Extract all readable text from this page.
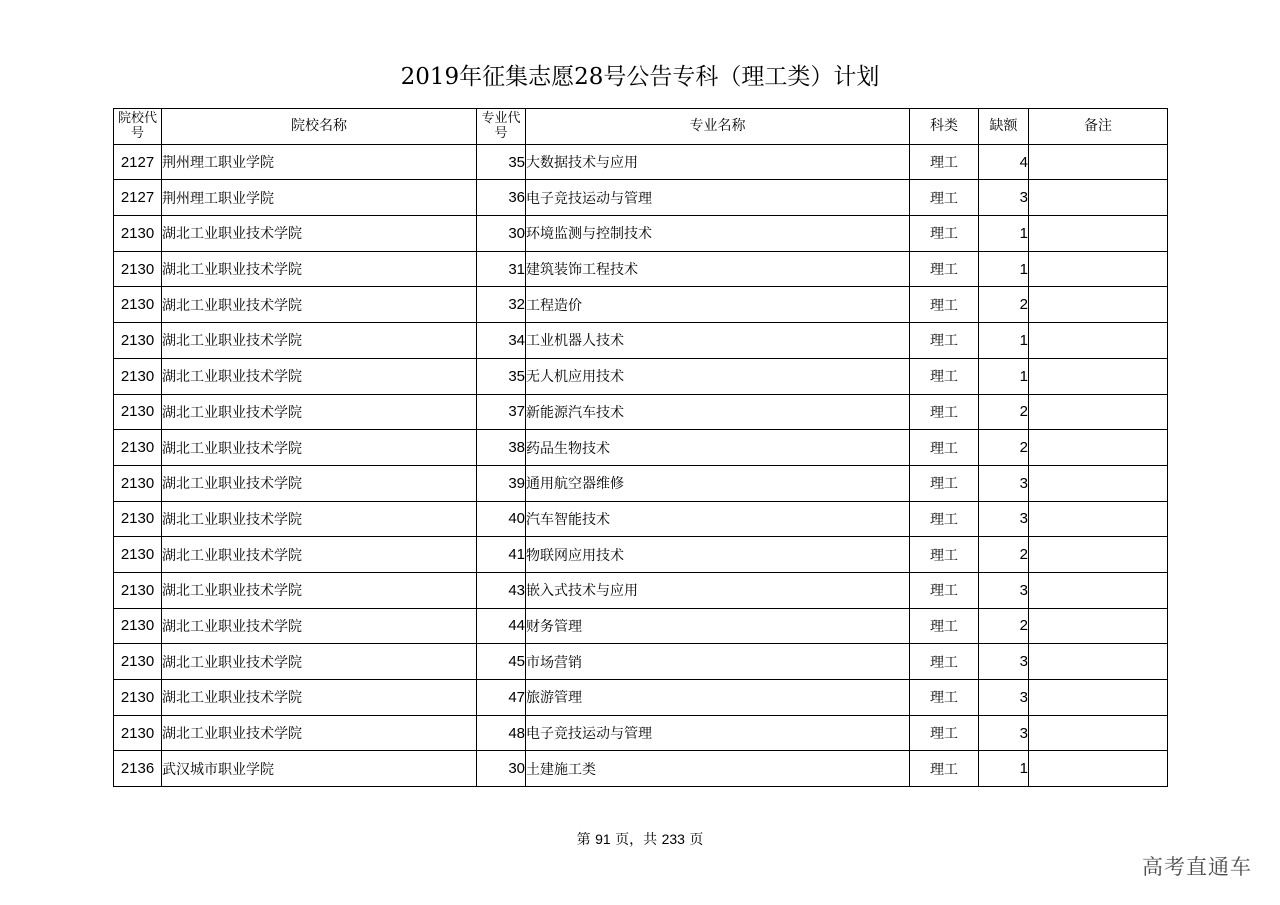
2019年征集志愿28号公告专科（理工类）计划
院校代号	院校名称	专业代号	专业名称	科类	缺额	备注
2127	荆州理工职业学院	35	大数据技术与应用	理工	4	
2127	荆州理工职业学院	36	电子竞技运动与管理	理工	3	
2130	湖北工业职业技术学院	30	环境监测与控制技术	理工	1	
2130	湖北工业职业技术学院	31	建筑装饰工程技术	理工	1	
2130	湖北工业职业技术学院	32	工程造价	理工	2	
2130	湖北工业职业技术学院	34	工业机器人技术	理工	1	
2130	湖北工业职业技术学院	35	无人机应用技术	理工	1	
2130	湖北工业职业技术学院	37	新能源汽车技术	理工	2	
2130	湖北工业职业技术学院	38	药品生物技术	理工	2	
2130	湖北工业职业技术学院	39	通用航空器维修	理工	3	
2130	湖北工业职业技术学院	40	汽车智能技术	理工	3	
2130	湖北工业职业技术学院	41	物联网应用技术	理工	2	
2130	湖北工业职业技术学院	43	嵌入式技术与应用	理工	3	
2130	湖北工业职业技术学院	44	财务管理	理工	2	
2130	湖北工业职业技术学院	45	市场营销	理工	3	
2130	湖北工业职业技术学院	47	旅游管理	理工	3	
2130	湖北工业职业技术学院	48	电子竞技运动与管理	理工	3	
2136	武汉城市职业学院	30	土建施工类	理工	1	
第 91 页，共 233 页
高考直通车
